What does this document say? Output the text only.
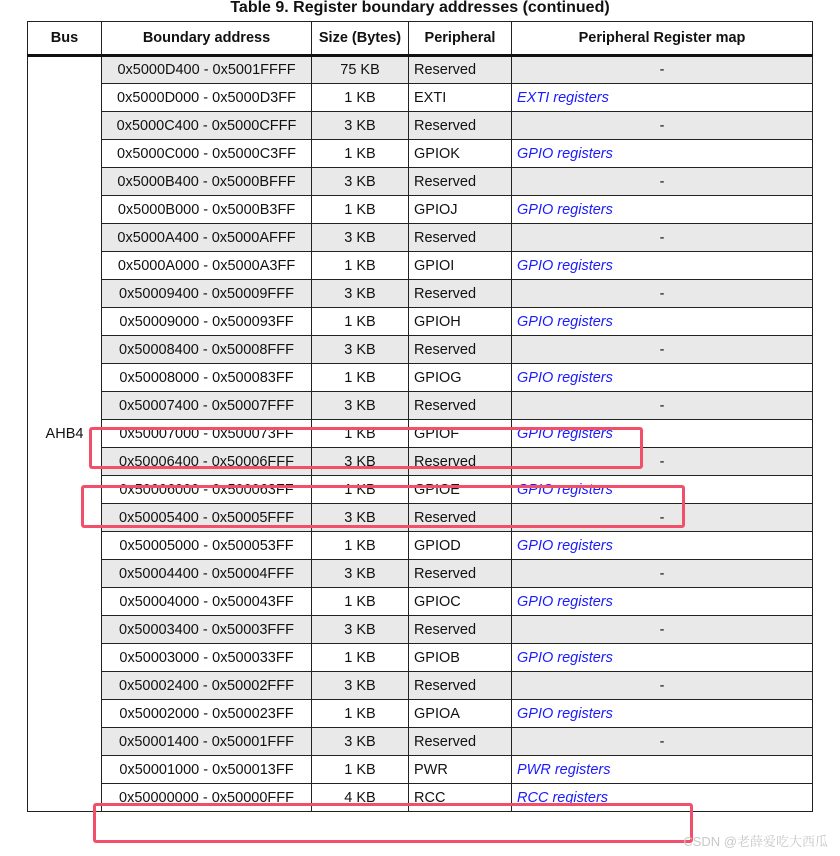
Table 9. Register boundary addresses (continued)
Bus	Boundary address	Size (Bytes)	Peripheral	Peripheral Register map
AHB4	0x5000D400 - 0x5001FFFF	75 KB	Reserved	-
	0x5000D000 - 0x5000D3FF	1 KB	EXTI	EXTI registers
	0x5000C400 - 0x5000CFFF	3 KB	Reserved	-
	0x5000C000 - 0x5000C3FF	1 KB	GPIOK	GPIO registers
	0x5000B400 - 0x5000BFFF	3 KB	Reserved	-
	0x5000B000 - 0x5000B3FF	1 KB	GPIOJ	GPIO registers
	0x5000A400 - 0x5000AFFF	3 KB	Reserved	-
	0x5000A000 - 0x5000A3FF	1 KB	GPIOI	GPIO registers
	0x50009400 - 0x50009FFF	3 KB	Reserved	-
	0x50009000 - 0x500093FF	1 KB	GPIOH	GPIO registers
	0x50008400 - 0x50008FFF	3 KB	Reserved	-
	0x50008000 - 0x500083FF	1 KB	GPIOG	GPIO registers
	0x50007400 - 0x50007FFF	3 KB	Reserved	-
	0x50007000 - 0x500073FF	1 KB	GPIOF	GPIO registers
	0x50006400 - 0x50006FFF	3 KB	Reserved	-
	0x50006000 - 0x500063FF	1 KB	GPIOE	GPIO registers
	0x50005400 - 0x50005FFF	3 KB	Reserved	-
	0x50005000 - 0x500053FF	1 KB	GPIOD	GPIO registers
	0x50004400 - 0x50004FFF	3 KB	Reserved	-
	0x50004000 - 0x500043FF	1 KB	GPIOC	GPIO registers
	0x50003400 - 0x50003FFF	3 KB	Reserved	-
	0x50003000 - 0x500033FF	1 KB	GPIOB	GPIO registers
	0x50002400 - 0x50002FFF	3 KB	Reserved	-
	0x50002000 - 0x500023FF	1 KB	GPIOA	GPIO registers
	0x50001400 - 0x50001FFF	3 KB	Reserved	-
	0x50001000 - 0x500013FF	1 KB	PWR	PWR registers
	0x50000000 - 0x50000FFF	4 KB	RCC	RCC registers
CSDN @老薛爱吃大西瓜
